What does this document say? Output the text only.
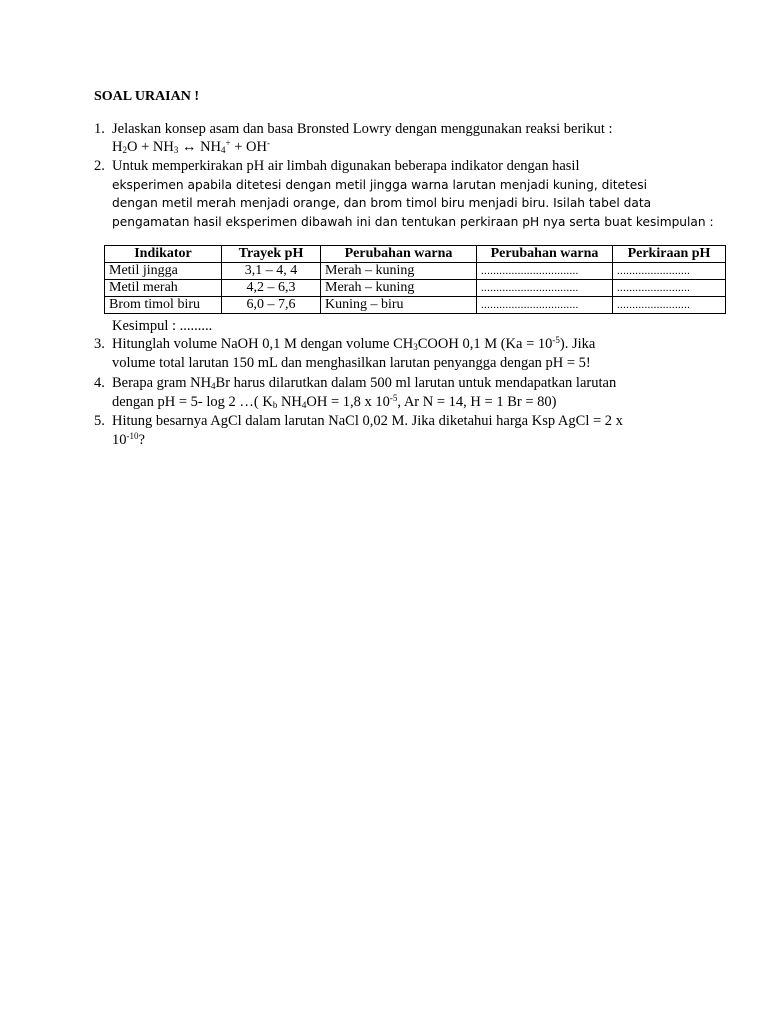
SOAL URAIAN !
1. Jelaskan konsep asam dan basa Bronsted Lowry dengan menggunakan reaksi berikut :
$H_2O + NH_3$ ↔ $NH_4^+ + OH^-$
2. Untuk memperkirakan pH air limbah digunakan beberapa indikator dengan hasil
eksperimen apabila ditetesi dengan metil jingga warna larutan menjadi kuning, ditetesi
dengan metil merah menjadi orange, dan brom timol biru menjadi biru. Isilah tabel data
pengamatan hasil eksperimen dibawah ini dan tentukan perkiraan pH nya serta buat kesimpulan :
Indikator	Trayek pH	Perubahan warna	Perubahan warna	Perkiraan pH
Metil jingga	3,1 – 4, 4	Merah – kuning	................................	........................
Metil merah	4,2 – 6,3	Merah – kuning	................................	........................
Brom timol biru	6,0 – 7,6	Kuning – biru	................................	........................
Kesimpul : .........
3. Hitunglah volume NaOH 0,1 M dengan volume $CH_3COOH$ 0,1 M $(Ka = 10^{-5})$. Jika
volume total larutan 150 mL dan menghasilkan larutan penyangga dengan pH = 5!
4. Berapa gram $NH_4Br$ harus dilarutkan dalam 500 ml larutan untuk mendapatkan larutan
dengan pH = 5- log 2 …( $K_b$ $NH_4OH = 1,8$ x $10^{-5}$, Ar N = 14, H = 1 Br = 80)
5. Hitung besarnya AgCl dalam larutan NaCl 0,02 M. Jika diketahui harga Ksp AgCl = 2 x
$10^{-10}$?
